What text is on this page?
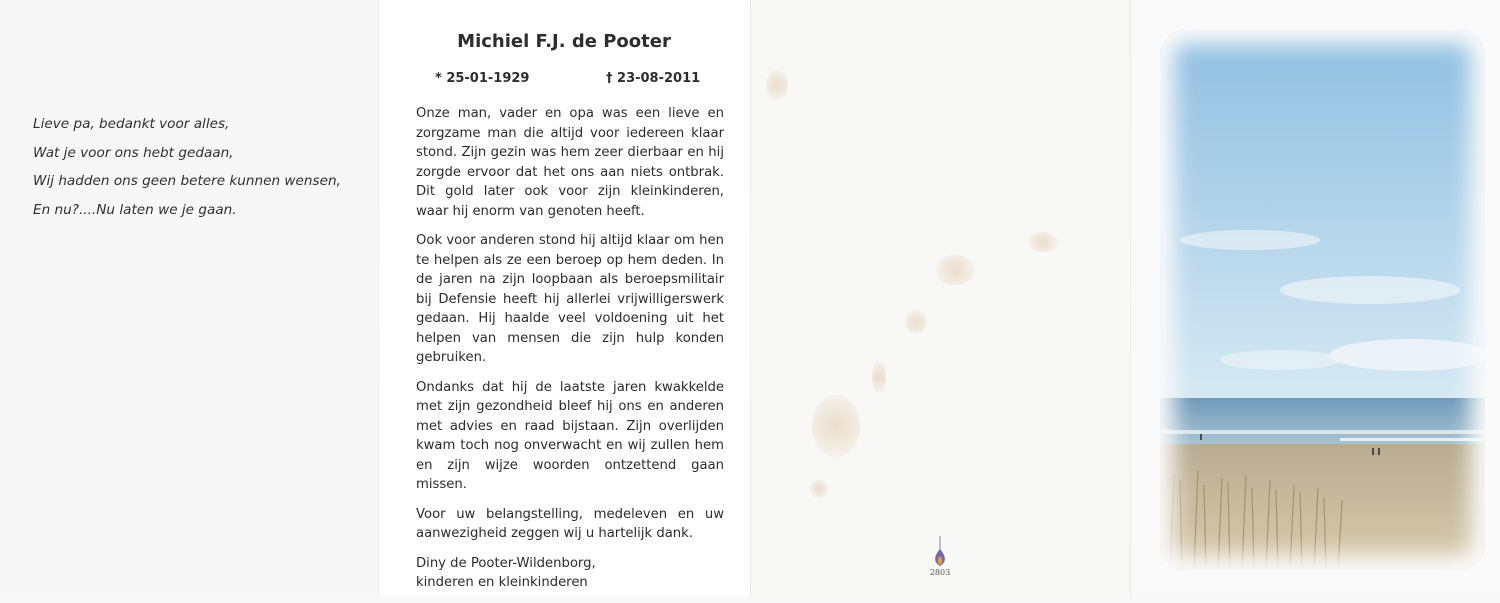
Lieve pa, bedankt voor alles,
Wat je voor ons hebt gedaan,
Wij hadden ons geen betere kunnen wensen,
En nu?....Nu laten we je gaan.
Michiel F.J. de Pooter
* 25-01-1929	† 23-08-2011

Onze man, vader en opa was een lieve en zorgzame man die altijd voor iedereen klaar stond. Zijn gezin was hem zeer dierbaar en hij zorgde ervoor dat het ons aan niets ontbrak. Dit gold later ook voor zijn kleinkinderen, waar hij enorm van genoten heeft.

Ook voor anderen stond hij altijd klaar om hen te helpen als ze een beroep op hem deden. In de jaren na zijn loopbaan als beroepsmilitair bij Defensie heeft hij allerlei vrijwilligerswerk gedaan. Hij haalde veel voldoening uit het helpen van mensen die zijn hulp konden gebruiken.

Ondanks dat hij de laatste jaren kwakkelde met zijn gezondheid bleef hij ons en anderen met advies en raad bijstaan. Zijn overlijden kwam toch nog onverwacht en wij zullen hem en zijn wijze woorden ontzettend gaan missen.

Voor uw belangstelling, medeleven en uw aanwezigheid zeggen wij u hartelijk dank.

Diny de Pooter-Wildenborg,
kinderen en kleinkinderen

2803
